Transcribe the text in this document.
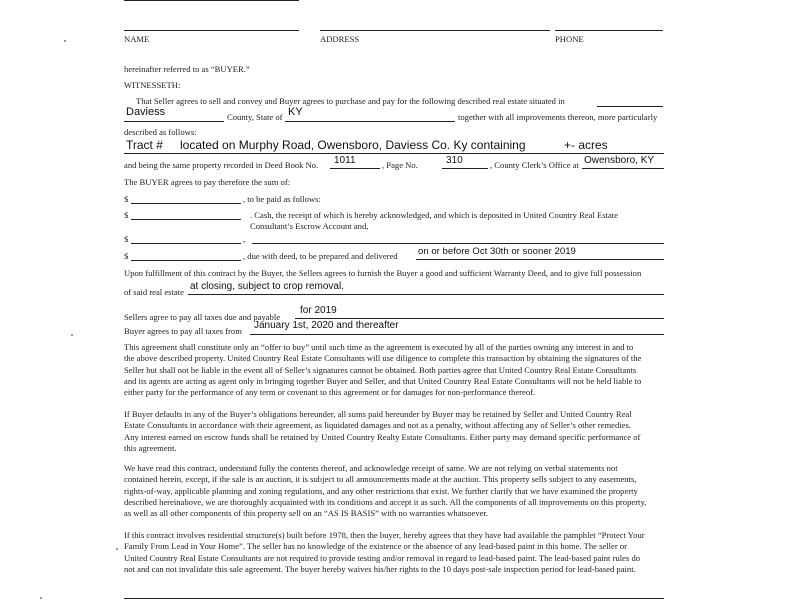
NAME	ADDRESS	PHONE
hereinafter referred to as “BUYER.”
WITNESSETH:
That Seller agrees to sell and convey and Buyer agrees to purchase and pay for the following described real estate situated in
Daviess	County, State of KY	together with all improvements thereon, more particularly
described as follows:
Tract # located on Murphy Road, Owensboro, Daviess Co. Ky containing	+- acres
and being the same property recorded in Deed Book No. 1011	, Page No.	310	, County Clerk’s Office at Owensboro, KY
The BUYER agrees to pay therefore the sum of:
$	, to be paid as follows:
$	. Cash, the receipt of which is hereby acknowledged, and which is deposited in United Country Real Estate
Consultant’s Escrow Account and,
$	,
$	, due with deed, to be prepared and delivered on or before Oct 30th or sooner 2019
Upon fulfillment of this contract by the Buyer, the Sellers agrees to furnish the Buyer a good and sufficient Warranty Deed, and to give full possession
of said real estate at closing, subject to crop removal.
Sellers agree to pay all taxes due and payable
for 2019
Buyer agrees to pay all taxes from January 1st, 2020 and thereafter
This agreement shall constitute only an “offer to buy” until such time as the agreement is executed by all of the parties owning any interest in and to
the above described property. United Country Real Estate Consultants will use diligence to complete this transaction by obtaining the signatures of the
Seller but shall not be liable in the event all of Seller’s signatures cannot be obtained. Both parties agree that United Country Real Estate Consultants
and its agents are acting as agent only in bringing together Buyer and Seller, and that United Country Real Estate Consultants will not be held liable to
either party for the performance of any term or covenant to this agreement or for damages for non-performance thereof.
If Buyer defaults in any of the Buyer’s obligations hereunder, all sums paid hereunder by Buyer may be retained by Seller and United Country Real
Estate Consultants in accordance with their agreement, as liquidated damages and not as a penalty, without affecting any of Seller’s other remedies.
Any interest earned on escrow funds shall be retained by United Country Realty Estate Consultants. Either party may demand specific performance of
this agreement.
We have read this contract, understand fully the contents thereof, and acknowledge receipt of same. We are not relying on verbal statements not
contained herein, except, if the sale is an auction, it is subject to all announcements made at the auction. This property sells subject to any easements,
rights-of-way, applicable planning and zoning regulations, and any other restrictions that exist. We further clarify that we have examined the property
described hereinabove, we are thoroughly acquainted with its conditions and accept it as such. All the components of all improvements on this property,
as well as all other components of this property sell on an “AS IS BASIS” with no warranties whatsoever.
If this contract involves residential structure(s) built before 1978, then the buyer, hereby agrees that they have had available the pamphlet “Protect Your
Family From Lead in Your Home”. The seller has no knowledge of the existence or the absence of any lead-based paint in this home. The seller or
United Country Real Estate Consultants are not required to provide testing and/or removal in regard to lead-based paint. The lead-based paint rules do
not and can not invalidate this sale agreement. The buyer hereby waives his/her rights to the 10 days post-sale inspection period for lead-based paint.
